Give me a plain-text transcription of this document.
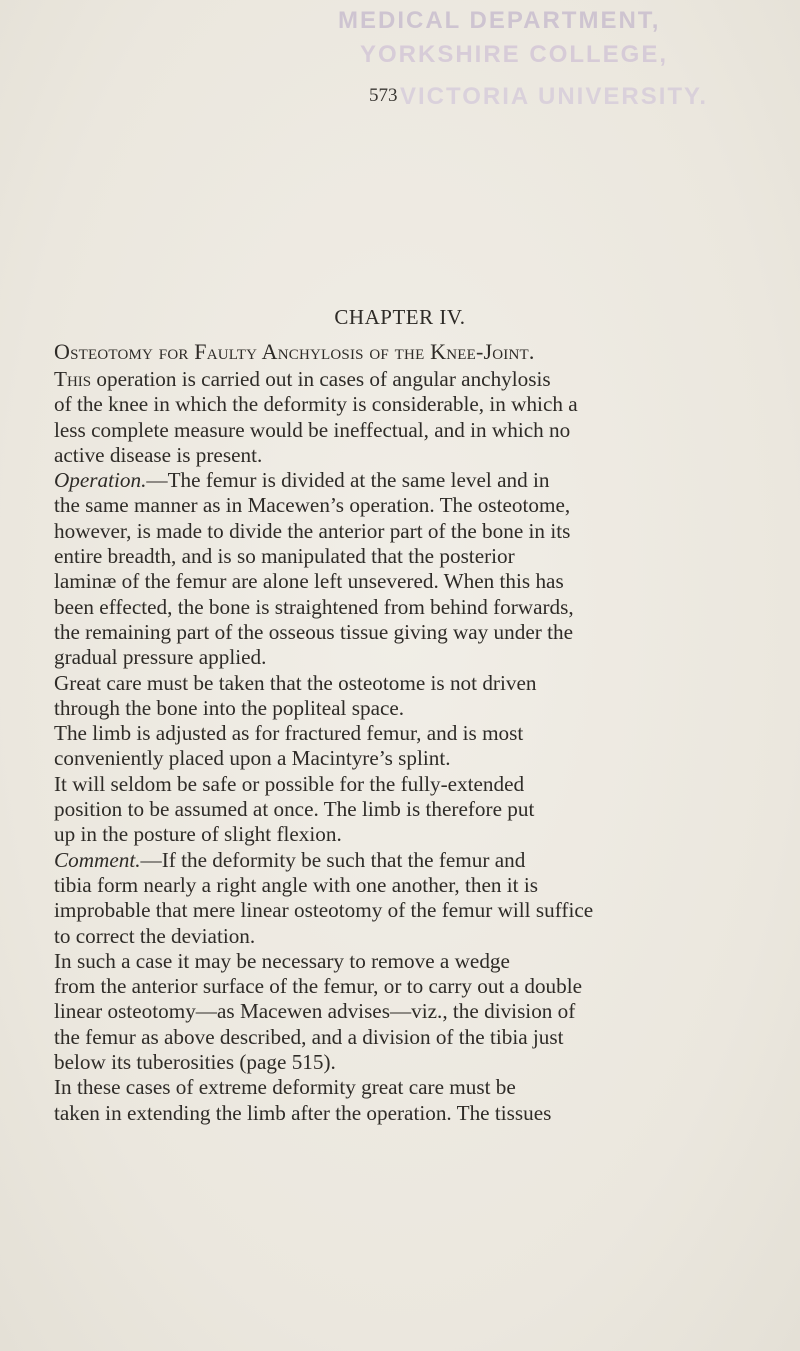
MEDICAL DEPARTMENT,
YORKSHIRE COLLEGE,
VICTORIA UNIVERSITY.
573
CHAPTER IV.
Osteotomy for Faulty Anchylosis of the Knee-Joint.
This operation is carried out in cases of angular anchylosis
of the knee in which the deformity is considerable, in which a
less complete measure would be ineffectual, and in which no
active disease is present.
Operation.—The femur is divided at the same level and in
the same manner as in Macewen’s operation. The osteotome,
however, is made to divide the anterior part of the bone in its
entire breadth, and is so manipulated that the posterior
laminæ of the femur are alone left unsevered. When this has
been effected, the bone is straightened from behind forwards,
the remaining part of the osseous tissue giving way under the
gradual pressure applied.
Great care must be taken that the osteotome is not driven
through the bone into the popliteal space.
The limb is adjusted as for fractured femur, and is most
conveniently placed upon a Macintyre’s splint.
It will seldom be safe or possible for the fully-extended
position to be assumed at once. The limb is therefore put
up in the posture of slight flexion.
Comment.—If the deformity be such that the femur and
tibia form nearly a right angle with one another, then it is
improbable that mere linear osteotomy of the femur will suffice
to correct the deviation.
In such a case it may be necessary to remove a wedge
from the anterior surface of the femur, or to carry out a double
linear osteotomy—as Macewen advises—viz., the division of
the femur as above described, and a division of the tibia just
below its tuberosities (page 515).
In these cases of extreme deformity great care must be
taken in extending the limb after the operation. The tissues
